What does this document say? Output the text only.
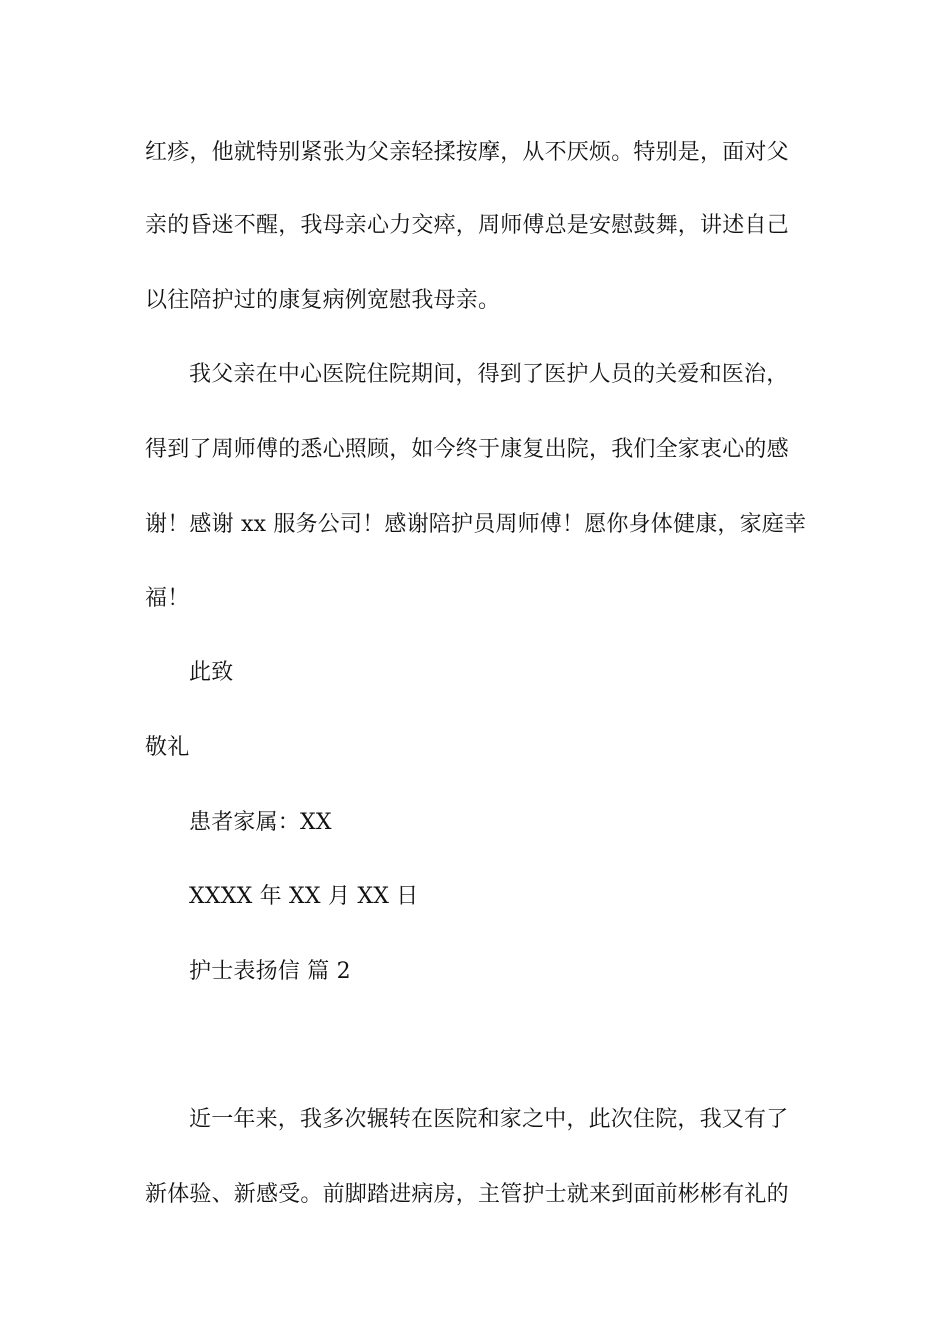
红疹，他就特别紧张为父亲轻揉按摩，从不厌烦。特别是，面对父
亲的昏迷不醒，我母亲心力交瘁，周师傅总是安慰鼓舞，讲述自己
以往陪护过的康复病例宽慰我母亲。
我父亲在中心医院住院期间，得到了医护人员的关爱和医治，
得到了周师傅的悉心照顾，如今终于康复出院，我们全家衷心的感
谢！感谢 xx 服务公司！感谢陪护员周师傅！愿你身体健康，家庭幸
福！
此致
敬礼
患者家属：XX
XXXX 年 XX 月 XX 日
护士表扬信 篇 2
近一年来，我多次辗转在医院和家之中，此次住院，我又有了
新体验、新感受。前脚踏进病房，主管护士就来到面前彬彬有礼的
